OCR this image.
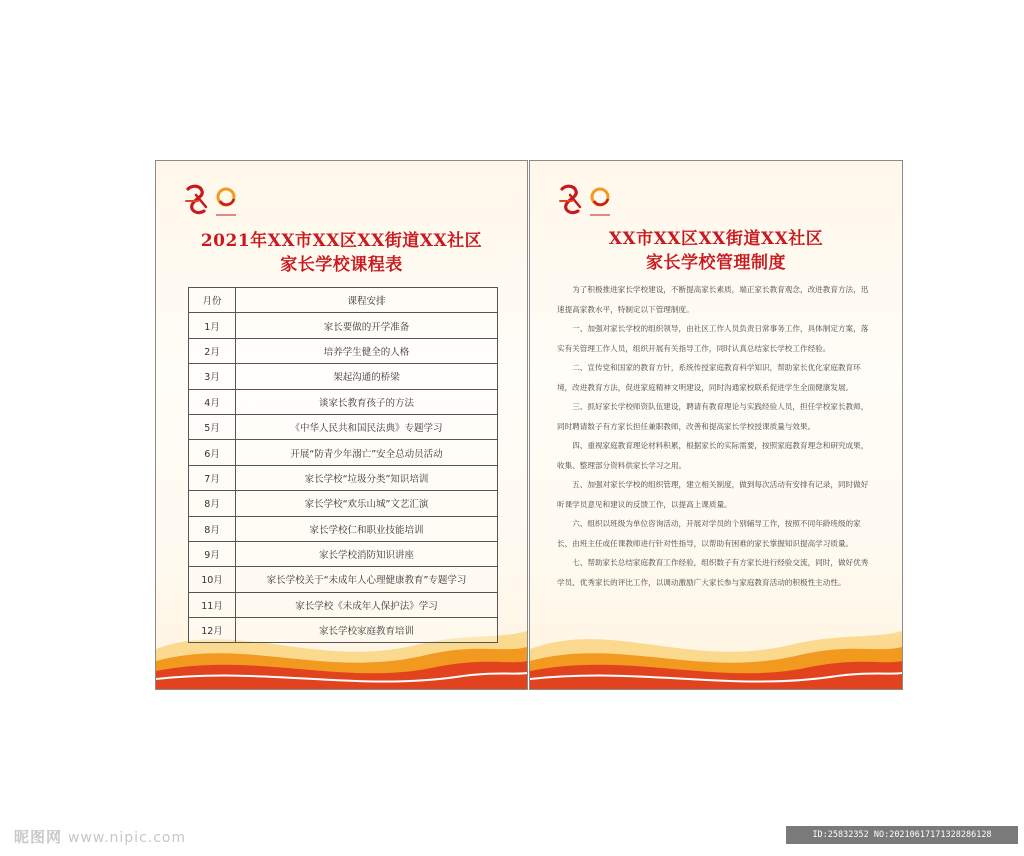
2021年XX市XX区XX街道XX社区
家长学校课程表
月份	课程安排
1月	家长要做的开学准备
2月	培养学生健全的人格
3月	架起沟通的桥梁
4月	谈家长教育孩子的方法
5月	《中华人民共和国民法典》专题学习
6月	开展“防青少年溺亡”安全总动员活动
7月	家长学校“垃圾分类”知识培训
8月	家长学校“欢乐山城”文艺汇演
8月	家长学校仁和职业技能培训
9月	家长学校消防知识讲座
10月	家长学校关于“未成年人心理健康教育”专题学习
11月	家长学校《未成年人保护法》学习
12月	家长学校家庭教育培训
XX市XX区XX街道XX社区
家长学校管理制度

为了积极推进家长学校建设，不断提高家长素质，端正家长教育观念，改进教育方法，迅速提高家教水平，特制定以下管理制度。

一、加强对家长学校的组织领导，由社区工作人员负责日常事务工作，具体制定方案，落实有关管理工作人员，组织开展有关指导工作，同时认真总结家长学校工作经验。

二、宣传党和国家的教育方针，系统传授家庭教育科学知识，帮助家长优化家庭教育环境，改进教育方法，促进家庭精神文明建设，同时沟通家校联系促进学生全面健康发展。

三、抓好家长学校师资队伍建设，聘请有教育理论与实践经验人员，担任学校家长教师，同时聘请数子有方家长担任兼职教师，改善和提高家长学校授课质量与效果。

四、重视家庭教育理论材料积累，根据家长的实际需要，按照家庭教育理念和研究成果，收集、整理部分资料供家长学习之用。

五、加强对家长学校的组织管理，建立相关制度，做到每次活动有安排有记录，同时做好听课学员意见和建议的反馈工作，以提高上课质量。

六、组织以班级为单位咨询活动，开展对学员的个别辅导工作，按照不同年龄班级的家长，由班主任或任课教师进行针对性指导，以帮助有困难的家长掌握知识提高学习质量。

七、帮助家长总结家庭教育工作经验，组织数子有方家长进行经验交流，同时，做好优秀学员、优秀家长的评比工作，以调动激励广大家长参与家庭教育活动的积极性主动性。

昵图网 www.nipic.com	ID:25832352 NO:20210617171328286128
